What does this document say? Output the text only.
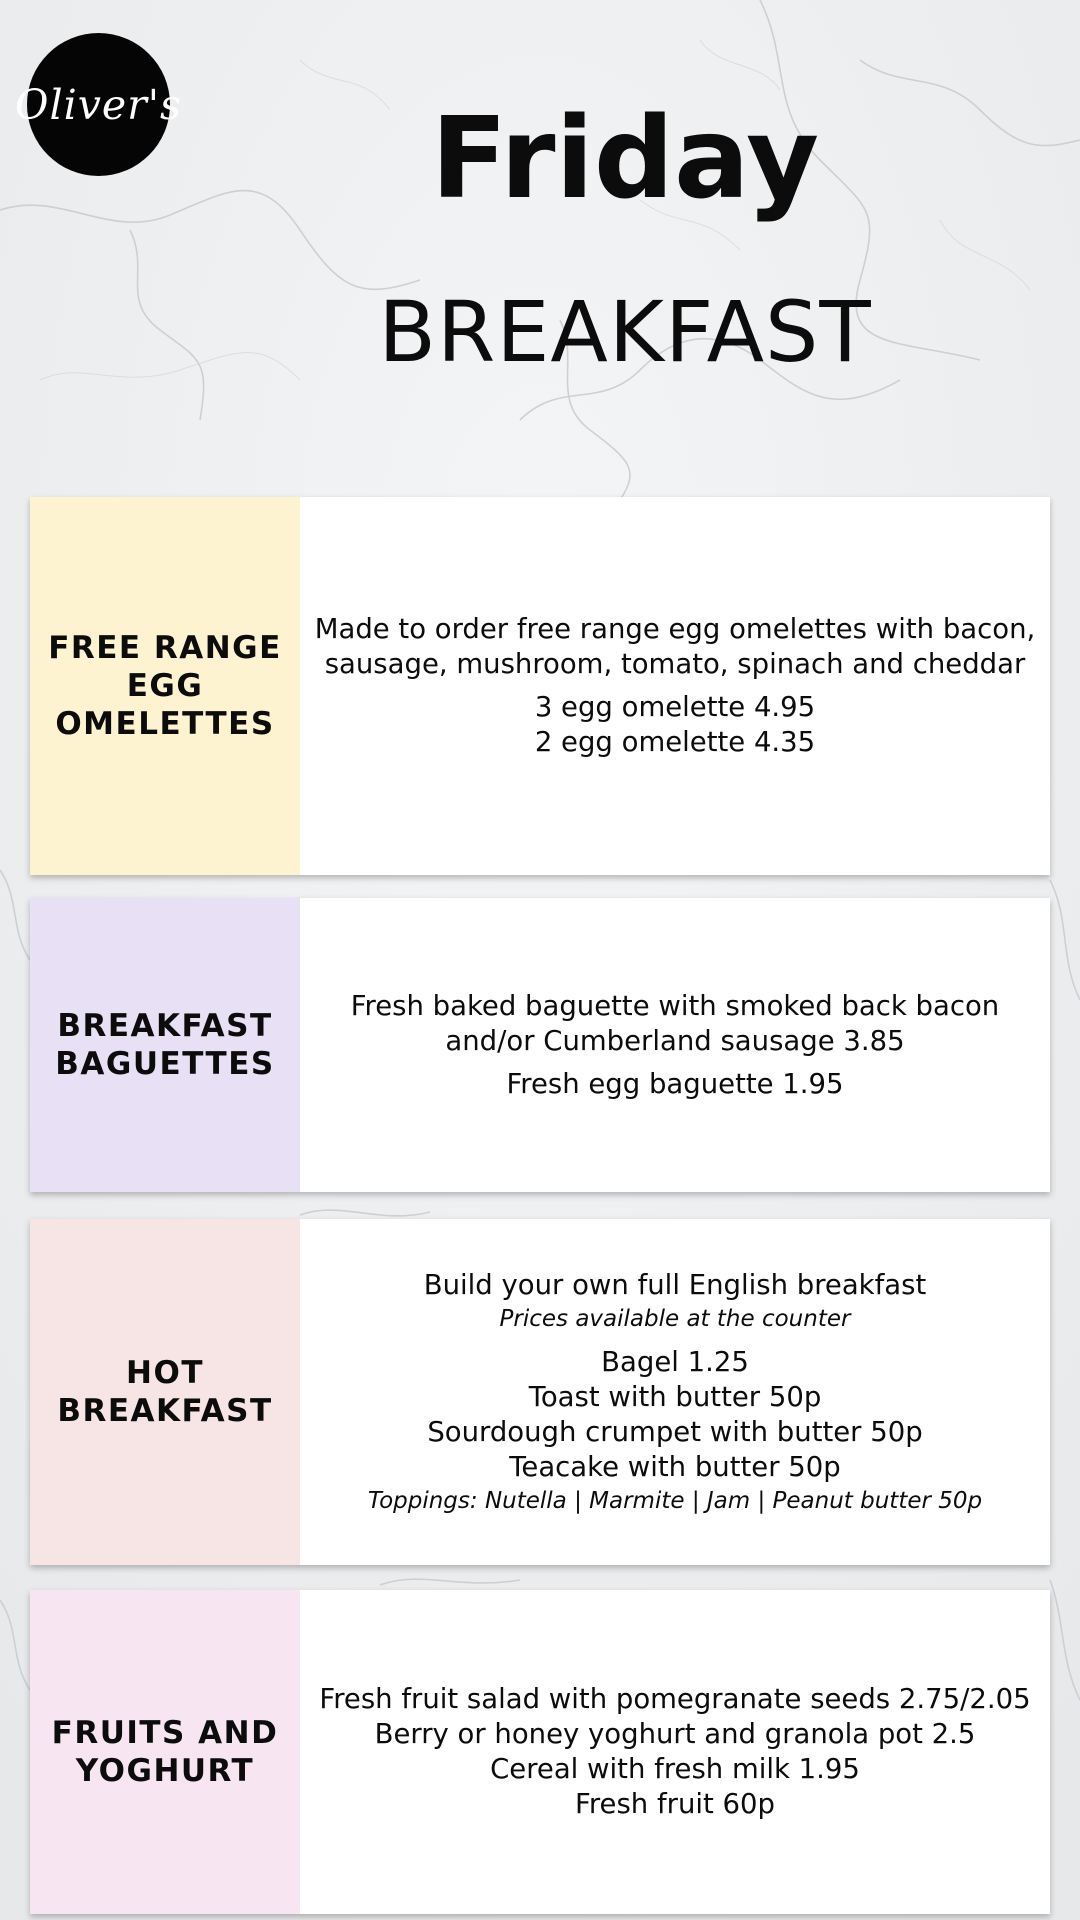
Oliver's	Friday
BREAKFAST
FREE RANGE EGG OMELETTES
Made to order free range egg omelettes with bacon, sausage, mushroom, tomato, spinach and cheddar
3 egg omelette 4.95
2 egg omelette 4.35
BREAKFAST BAGUETTES
Fresh baked baguette with smoked back bacon and/or Cumberland sausage 3.85
Fresh egg baguette 1.95
HOT BREAKFAST
Build your own full English breakfast
Prices available at the counter
Bagel 1.25
Toast with butter 50p
Sourdough crumpet with butter 50p
Teacake with butter 50p
Toppings: Nutella | Marmite | Jam | Peanut butter 50p
FRUITS AND YOGHURT
Fresh fruit salad with pomegranate seeds 2.75/2.05
Berry or honey yoghurt and granola pot 2.5
Cereal with fresh milk 1.95
Fresh fruit 60p
